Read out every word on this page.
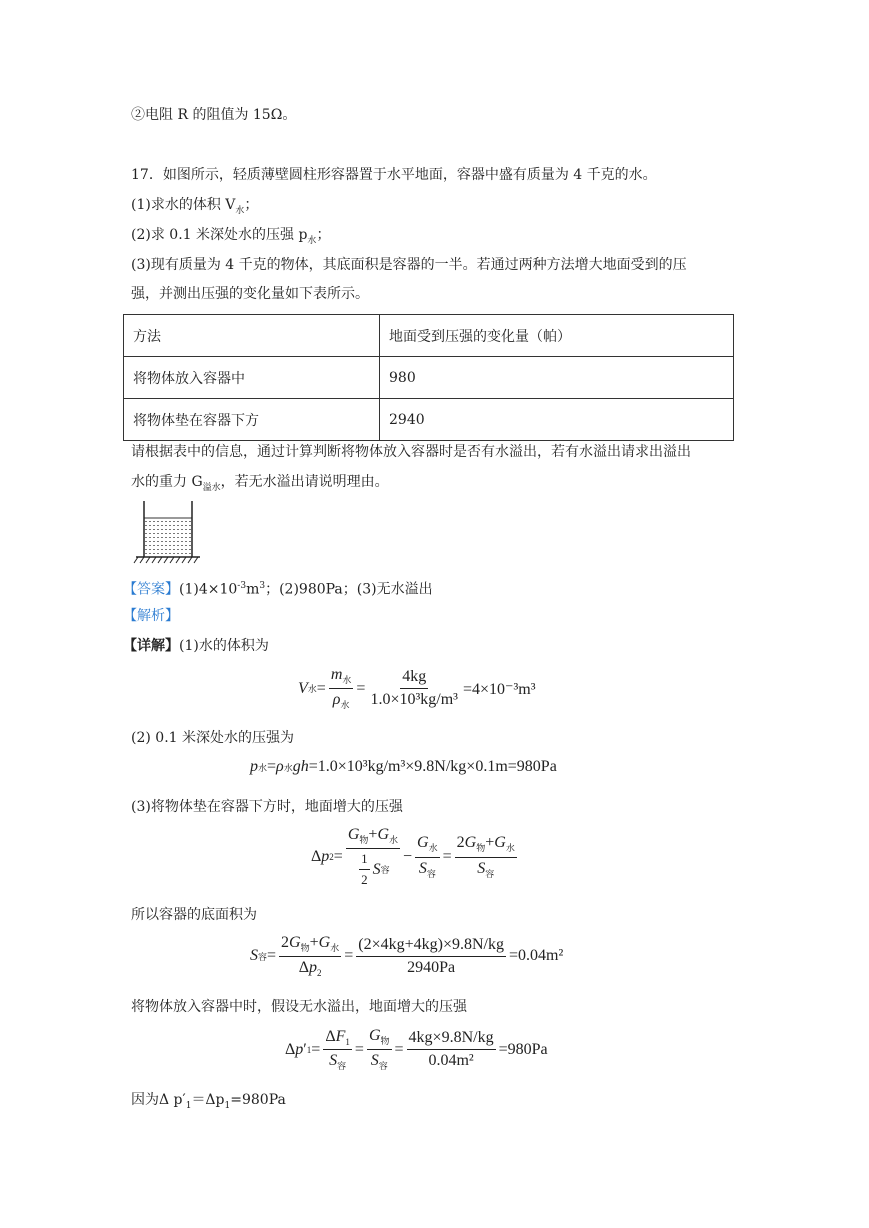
②电阻 R 的阻值为 15Ω。
17．如图所示，轻质薄壁圆柱形容器置于水平地面，容器中盛有质量为 4 千克的水。
(1)求水的体积 $V_水$；
(2)求 0.1 米深处水的压强 $p_水$；
(3)现有质量为 4 千克的物体，其底面积是容器的一半。若通过两种方法增大地面受到的压
强，并测出压强的变化量如下表所示。
方法	地面受到压强的变化量（帕）
将物体放入容器中	980
将物体垫在容器下方	2940
请根据表中的信息，通过计算判断将物体放入容器时是否有水溢出，若有水溢出请求出溢出
水的重力 $G_{溢水}$，若无水溢出请说明理由。
【答案】$(1)4\times 10^{-3}m^3$；(2)980Pa；(3)无水溢出
【解析】
【详解】(1)水的体积为
V 水 = $\frac{m_水}{\rho_水} = \frac{4kg}{\text{1.0×10³kg/m³}} =4\times 10^{-3}m^3$
(2) 0.1 米深处水的压强为
p 水 = ρ 水 gh =1.0×10³kg/m³×9.8N/kg×0.1m=980Pa
(3)将物体垫在容器下方时，地面增大的压强
Δ p $2 = \frac{G_物+G_水}{\frac{1}{2} S 容} - \frac{G_水}{S_容} = \frac{2G_物+G_水}{S_容}$
所以容器的底面积为
S 容 = $\frac{2G_物+G_水}{\Delta p_2} = \frac{(2\times 4kg+4kg)\times 9.8N/kg}{2940Pa} =0.04m^2$
将物体放入容器中时，假设无水溢出，地面增大的压强
Δ p ′ $1 = \frac{\Delta F_1}{S_容} = \frac{G_物}{S_容} = \frac{4kg\times 9.8N/kg}{\text{0.04m²}} =980Pa$
因为Δ $p'_1=\Delta p_1=980Pa$
